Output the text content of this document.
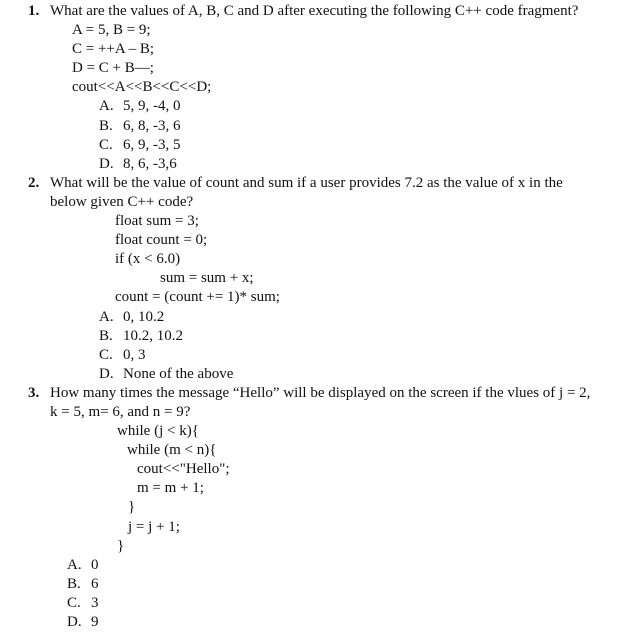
1. What are the values of A, B, C and D after executing the following C++ code fragment?
A = 5, B = 9;
C = ++A – B;
D = C + B—;
cout<<A<<B<<C<<D;
A. 5, 9, -4, 0
B. 6, 8, -3, 6
C. 6, 9, -3, 5
D. 8, 6, -3,6
2. What will be the value of count and sum if a user provides 7.2 as the value of x in the
below given C++ code?
float sum = 3;
float count = 0;
if (x < 6.0)
sum = sum + x;
count = (count += 1)* sum;
A. 0, 10.2
B. 10.2, 10.2
C. 0, 3
D. None of the above
3. How many times the message “Hello” will be displayed on the screen if the vlues of j = 2,
k = 5, m= 6, and n = 9?
while (j < k){
while (m < n){
cout<<"Hello";
m = m + 1;
}
j = j + 1;
}
A. 0
B. 6
C. 3
D. 9
